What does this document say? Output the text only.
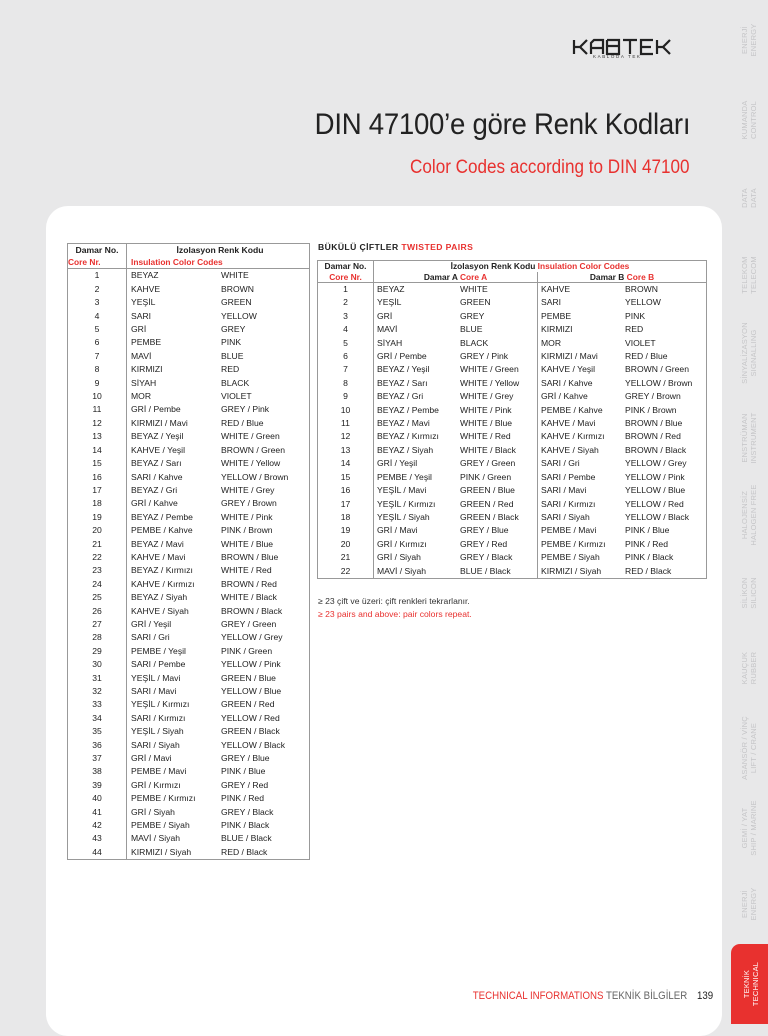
KABLODA TEK
DIN 47100’e göre Renk Kodları
Color Codes according to DIN 47100
Damar No.	İzolasyon Renk Kodu	
Core Nr.	Insulation Color Codes	
1	BEYAZ	WHITE
2	KAHVE	BROWN
3	YEŞİL	GREEN
4	SARI	YELLOW
5	GRİ	GREY
6	PEMBE	PINK
7	MAVİ	BLUE
8	KIRMIZI	RED
9	SİYAH	BLACK
10	MOR	VIOLET
11	GRİ / Pembe	GREY / Pink
12	KIRMIZI / Mavi	RED / Blue
13	BEYAZ / Yeşil	WHITE / Green
14	KAHVE / Yeşil	BROWN / Green
15	BEYAZ / Sarı	WHITE / Yellow
16	SARI / Kahve	YELLOW / Brown
17	BEYAZ / Gri	WHITE / Grey
18	GRİ / Kahve	GREY / Brown
19	BEYAZ / Pembe	WHITE / Pink
20	PEMBE / Kahve	PINK / Brown
21	BEYAZ / Mavi	WHITE / Blue
22	KAHVE / Mavi	BROWN / Blue
23	BEYAZ / Kırmızı	WHITE / Red
24	KAHVE / Kırmızı	BROWN / Red
25	BEYAZ / Siyah	WHITE / Black
26	KAHVE / Siyah	BROWN / Black
27	GRİ / Yeşil	GREY / Green
28	SARI / Gri	YELLOW / Grey
29	PEMBE / Yeşil	PINK / Green
30	SARI / Pembe	YELLOW / Pink
31	YEŞİL / Mavi	GREEN / Blue
32	SARI / Mavi	YELLOW / Blue
33	YEŞİL / Kırmızı	GREEN / Red
34	SARI / Kırmızı	YELLOW / Red
35	YEŞİL / Siyah	GREEN / Black
36	SARI / Siyah	YELLOW / Black
37	GRİ / Mavi	GREY / Blue
38	PEMBE / Mavi	PINK / Blue
39	GRİ / Kırmızı	GREY / Red
40	PEMBE / Kırmızı	PINK / Red
41	GRİ / Siyah	GREY / Black
42	PEMBE / Siyah	PINK / Black
43	MAVİ / Siyah	BLUE / Black
44	KIRMIZI / Siyah	RED / Black
BÜKÜLÜ ÇİFTLER TWISTED PAIRS
Damar No.	İzolasyon Renk Kodu Insulation Color Codes			
Core Nr.	Damar A Core A		Damar B Core B	
1	BEYAZ	WHITE	KAHVE	BROWN
2	YEŞİL	GREEN	SARI	YELLOW
3	GRİ	GREY	PEMBE	PINK
4	MAVİ	BLUE	KIRMIZI	RED
5	SİYAH	BLACK	MOR	VIOLET
6	GRİ / Pembe	GREY / Pink	KIRMIZI / Mavi	RED / Blue
7	BEYAZ / Yeşil	WHITE / Green	KAHVE / Yeşil	BROWN / Green
8	BEYAZ / Sarı	WHITE / Yellow	SARI / Kahve	YELLOW / Brown
9	BEYAZ / Gri	WHITE / Grey	GRİ / Kahve	GREY / Brown
10	BEYAZ / Pembe	WHITE / Pink	PEMBE / Kahve	PINK / Brown
11	BEYAZ / Mavi	WHITE / Blue	KAHVE / Mavi	BROWN / Blue
12	BEYAZ / Kırmızı	WHITE / Red	KAHVE / Kırmızı	BROWN / Red
13	BEYAZ / Siyah	WHITE / Black	KAHVE / Siyah	BROWN / Black
14	GRİ / Yeşil	GREY / Green	SARI / Gri	YELLOW / Grey
15	PEMBE / Yeşil	PINK / Green	SARI / Pembe	YELLOW / Pink
16	YEŞİL / Mavi	GREEN / Blue	SARI / Mavi	YELLOW / Blue
17	YEŞİL / Kırmızı	GREEN / Red	SARI / Kırmızı	YELLOW / Red
18	YEŞİL / Siyah	GREEN / Black	SARI / Siyah	YELLOW / Black
19	GRİ / Mavi	GREY / Blue	PEMBE / Mavi	PINK / Blue
20	GRİ / Kırmızı	GREY / Red	PEMBE / Kırmızı	PINK / Red
21	GRİ / Siyah	GREY / Black	PEMBE / Siyah	PINK / Black
22	MAVİ / Siyah	BLUE / Black	KIRMIZI / Siyah	RED / Black
≥ 23 çift ve üzeri: çift renkleri tekrarlanır.
≥ 23 pairs and above: pair colors repeat.
ENERJİ ENERGY
KUMANDA CONTROL
DATA DATA
TELEKOM TELECOM
SİNYALİZASYON SIGNALLING
ENSTRÜMAN INSTRUMENT
HALOJENSİZ HALOGEN FREE
SİLİKON SILICON
KAUÇUK RUBBER
ASANSÖR / VİNÇ LIFT / CRANE
GEMİ / YAT SHIP / MARINE
ENERJİ ENERGY
TEKNİK TECHNICAL
TECHNICAL INFORMATIONS TEKNİK BİLGİLER 139
